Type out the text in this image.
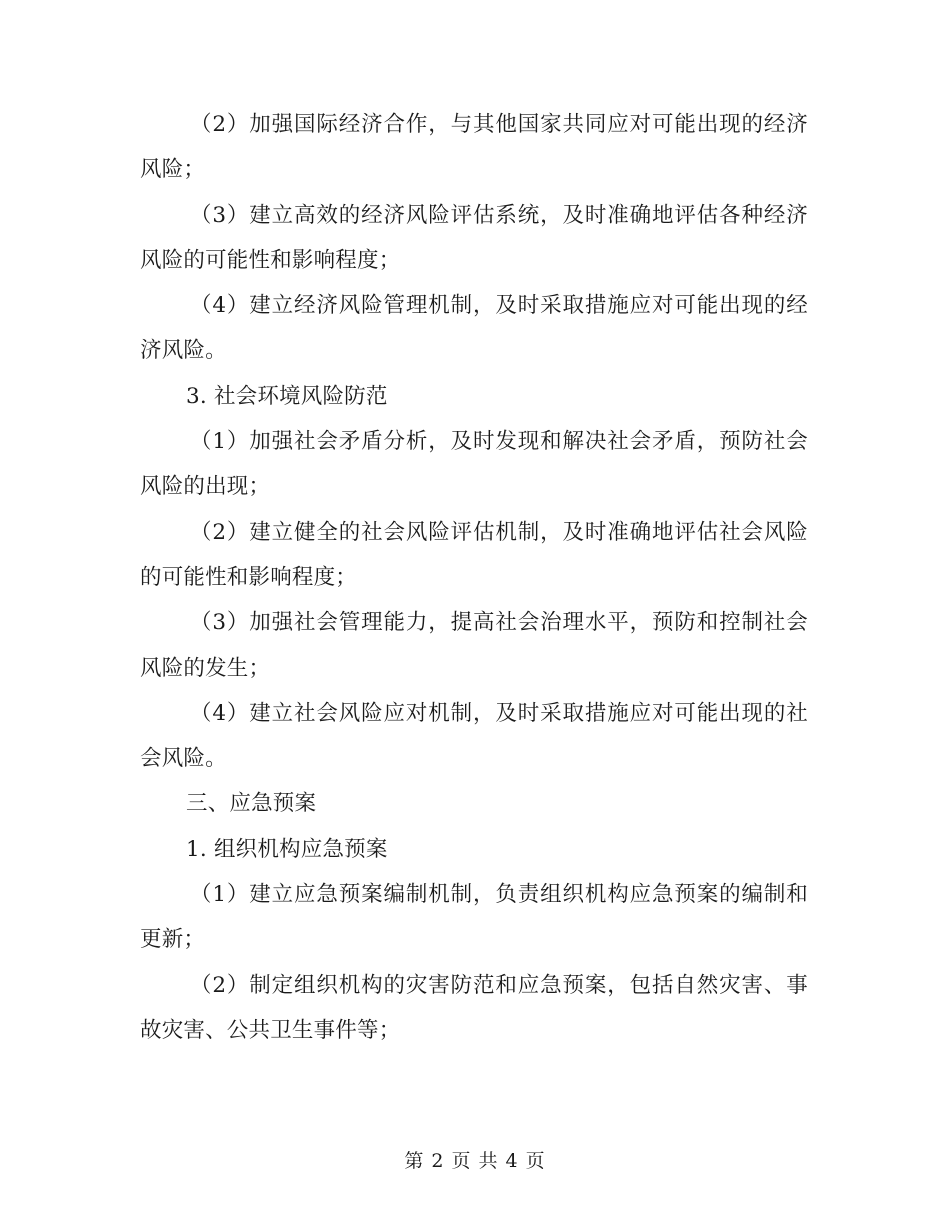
（2）加强国际经济合作，与其他国家共同应对可能出现的经济风险；

（3）建立高效的经济风险评估系统，及时准确地评估各种经济风险的可能性和影响程度；

（4）建立经济风险管理机制，及时采取措施应对可能出现的经济风险。

3. 社会环境风险防范

（1）加强社会矛盾分析，及时发现和解决社会矛盾，预防社会风险的出现；

（2）建立健全的社会风险评估机制，及时准确地评估社会风险的可能性和影响程度；

（3）加强社会管理能力，提高社会治理水平，预防和控制社会风险的发生；

（4）建立社会风险应对机制，及时采取措施应对可能出现的社会风险。

三、应急预案

1. 组织机构应急预案

（1）建立应急预案编制机制，负责组织机构应急预案的编制和更新；

（2）制定组织机构的灾害防范和应急预案，包括自然灾害、事故灾害、公共卫生事件等；

第 2 页 共 4 页
